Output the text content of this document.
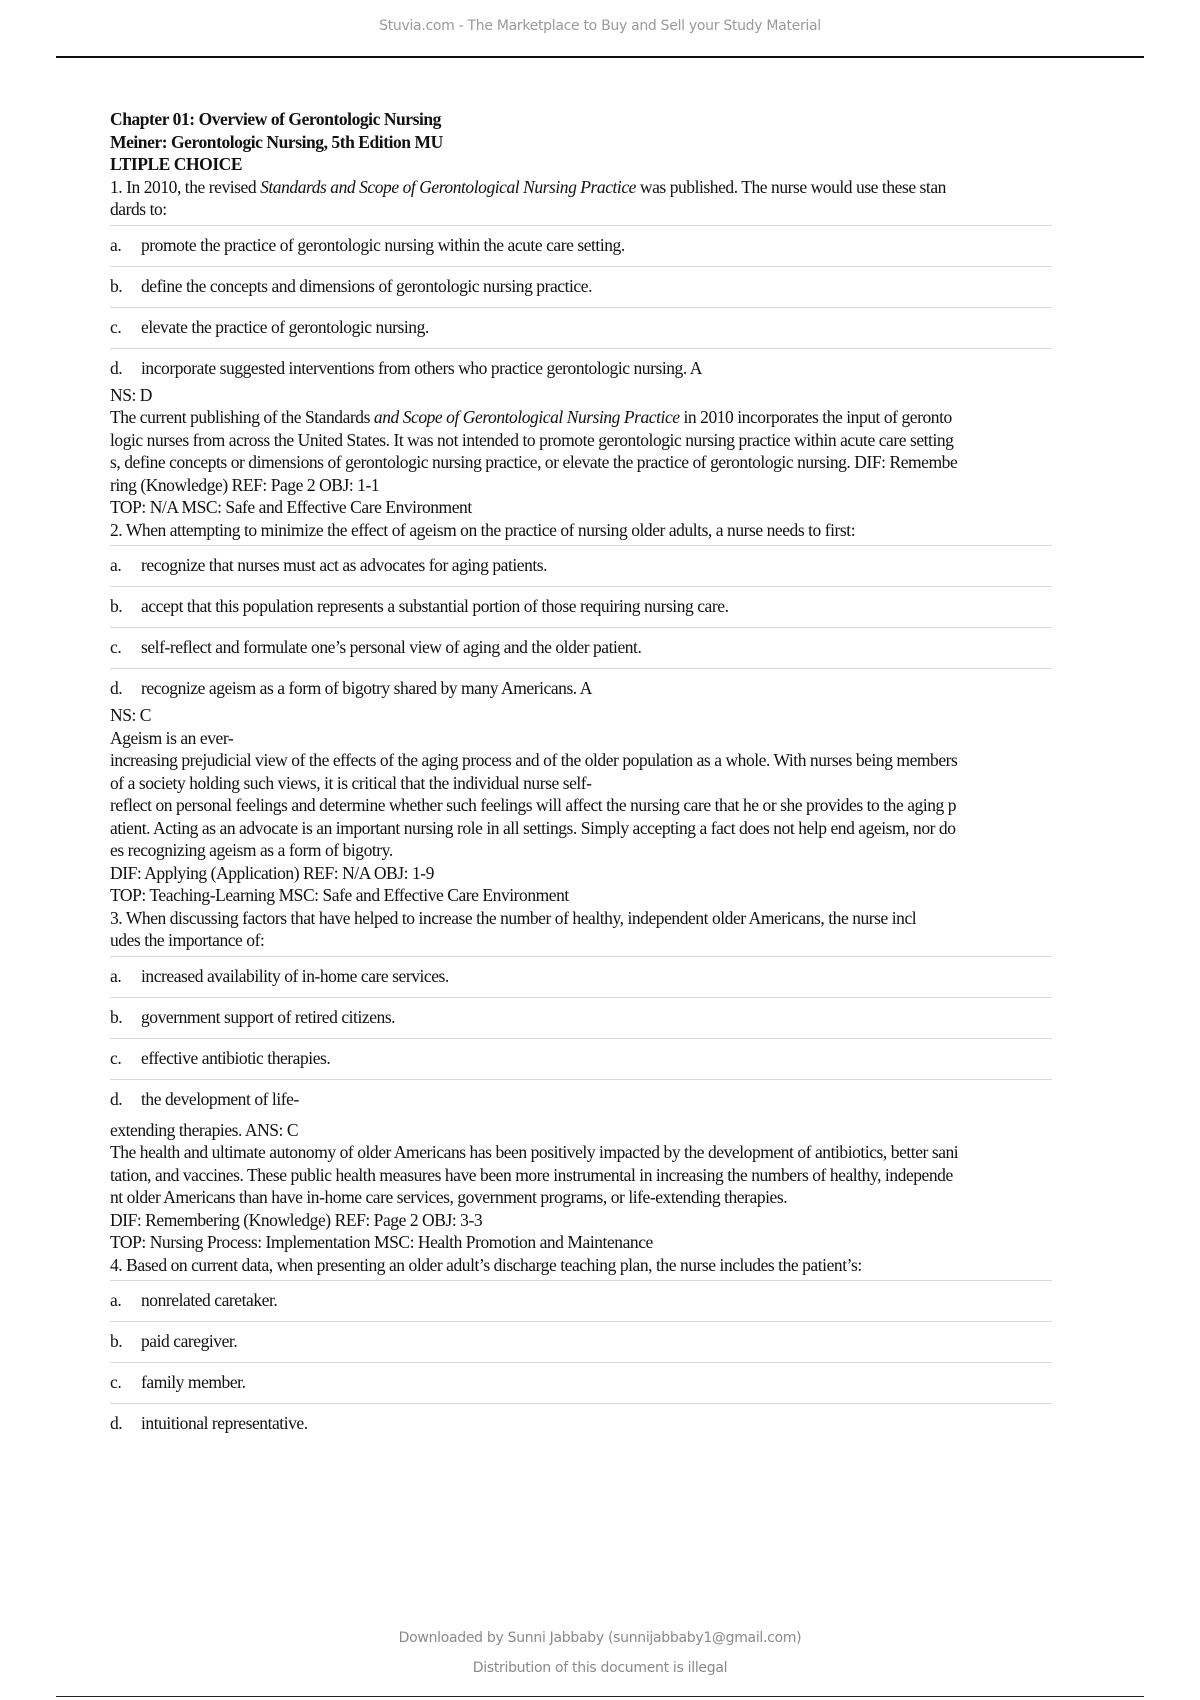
Stuvia.com - The Marketplace to Buy and Sell your Study Material
Chapter 01: Overview of Gerontologic Nursing
Meiner: Gerontologic Nursing, 5th Edition MU
LTIPLE CHOICE
1. In 2010, the revised Standards and Scope of Gerontological Nursing Practice was published. The nurse would use these stan
dards to:
a. promote the practice of gerontologic nursing within the acute care setting.
b. define the concepts and dimensions of gerontologic nursing practice.
c. elevate the practice of gerontologic nursing.
d. incorporate suggested interventions from others who practice gerontologic nursing. A
NS: D
The current publishing of the Standards and Scope of Gerontological Nursing Practice in 2010 incorporates the input of geronto
logic nurses from across the United States. It was not intended to promote gerontologic nursing practice within acute care setting
s, define concepts or dimensions of gerontologic nursing practice, or elevate the practice of gerontologic nursing. DIF: Remembe
ring (Knowledge) REF: Page 2 OBJ: 1-1
TOP: N/A MSC: Safe and Effective Care Environment
2. When attempting to minimize the effect of ageism on the practice of nursing older adults, a nurse needs to first:
a. recognize that nurses must act as advocates for aging patients.
b. accept that this population represents a substantial portion of those requiring nursing care.
c. self-reflect and formulate one’s personal view of aging and the older patient.
d. recognize ageism as a form of bigotry shared by many Americans. A
NS: C
Ageism is an ever-
increasing prejudicial view of the effects of the aging process and of the older population as a whole. With nurses being members
of a society holding such views, it is critical that the individual nurse self-
reflect on personal feelings and determine whether such feelings will affect the nursing care that he or she provides to the aging p
atient. Acting as an advocate is an important nursing role in all settings. Simply accepting a fact does not help end ageism, nor do
es recognizing ageism as a form of bigotry.
DIF: Applying (Application) REF: N/A OBJ: 1-9
TOP: Teaching-Learning MSC: Safe and Effective Care Environment
3. When discussing factors that have helped to increase the number of healthy, independent older Americans, the nurse incl
udes the importance of:
a. increased availability of in-home care services.
b. government support of retired citizens.
c. effective antibiotic therapies.
d. the development of life-
extending therapies. ANS: C
The health and ultimate autonomy of older Americans has been positively impacted by the development of antibiotics, better sani
tation, and vaccines. These public health measures have been more instrumental in increasing the numbers of healthy, independe
nt older Americans than have in-home care services, government programs, or life-extending therapies.
DIF: Remembering (Knowledge) REF: Page 2 OBJ: 3-3
TOP: Nursing Process: Implementation MSC: Health Promotion and Maintenance
4. Based on current data, when presenting an older adult’s discharge teaching plan, the nurse includes the patient’s:
a. nonrelated caretaker.
b. paid caregiver.
c. family member.
d. intuitional representative.
Downloaded by Sunni Jabbaby (sunnijabbaby1@gmail.com)
Distribution of this document is illegal
